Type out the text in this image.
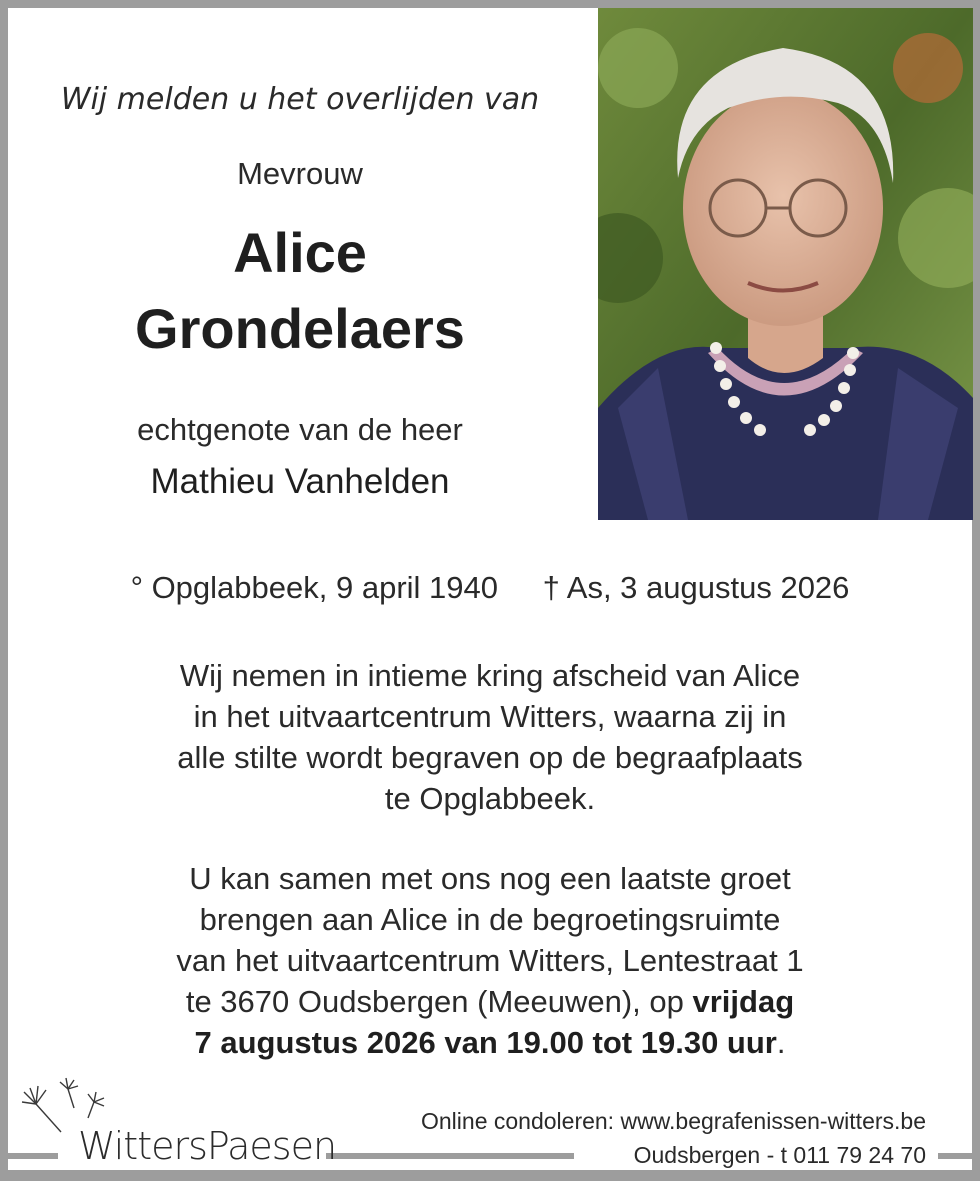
Wij melden u het overlijden van
Mevrouw
Alice
Grondelaers
echtgenote van de heer
Mathieu Vanhelden
° Opglabbeek, 9 april 1940 † As, 3 augustus 2026
Wij nemen in intieme kring afscheid van Alice
in het uitvaartcentrum Witters, waarna zij in
alle stilte wordt begraven op de begraafplaats
te Opglabbeek.
U kan samen met ons nog een laatste groet
brengen aan Alice in de begroetingsruimte
van het uitvaartcentrum Witters, Lentestraat 1
te 3670 Oudsbergen (Meeuwen), op vrijdag
7 augustus 2026 van 19.00 tot 19.30 uur.
WittersPaesen
Online condoleren: www.begrafenissen-witters.be
Oudsbergen - t 011 79 24 70
